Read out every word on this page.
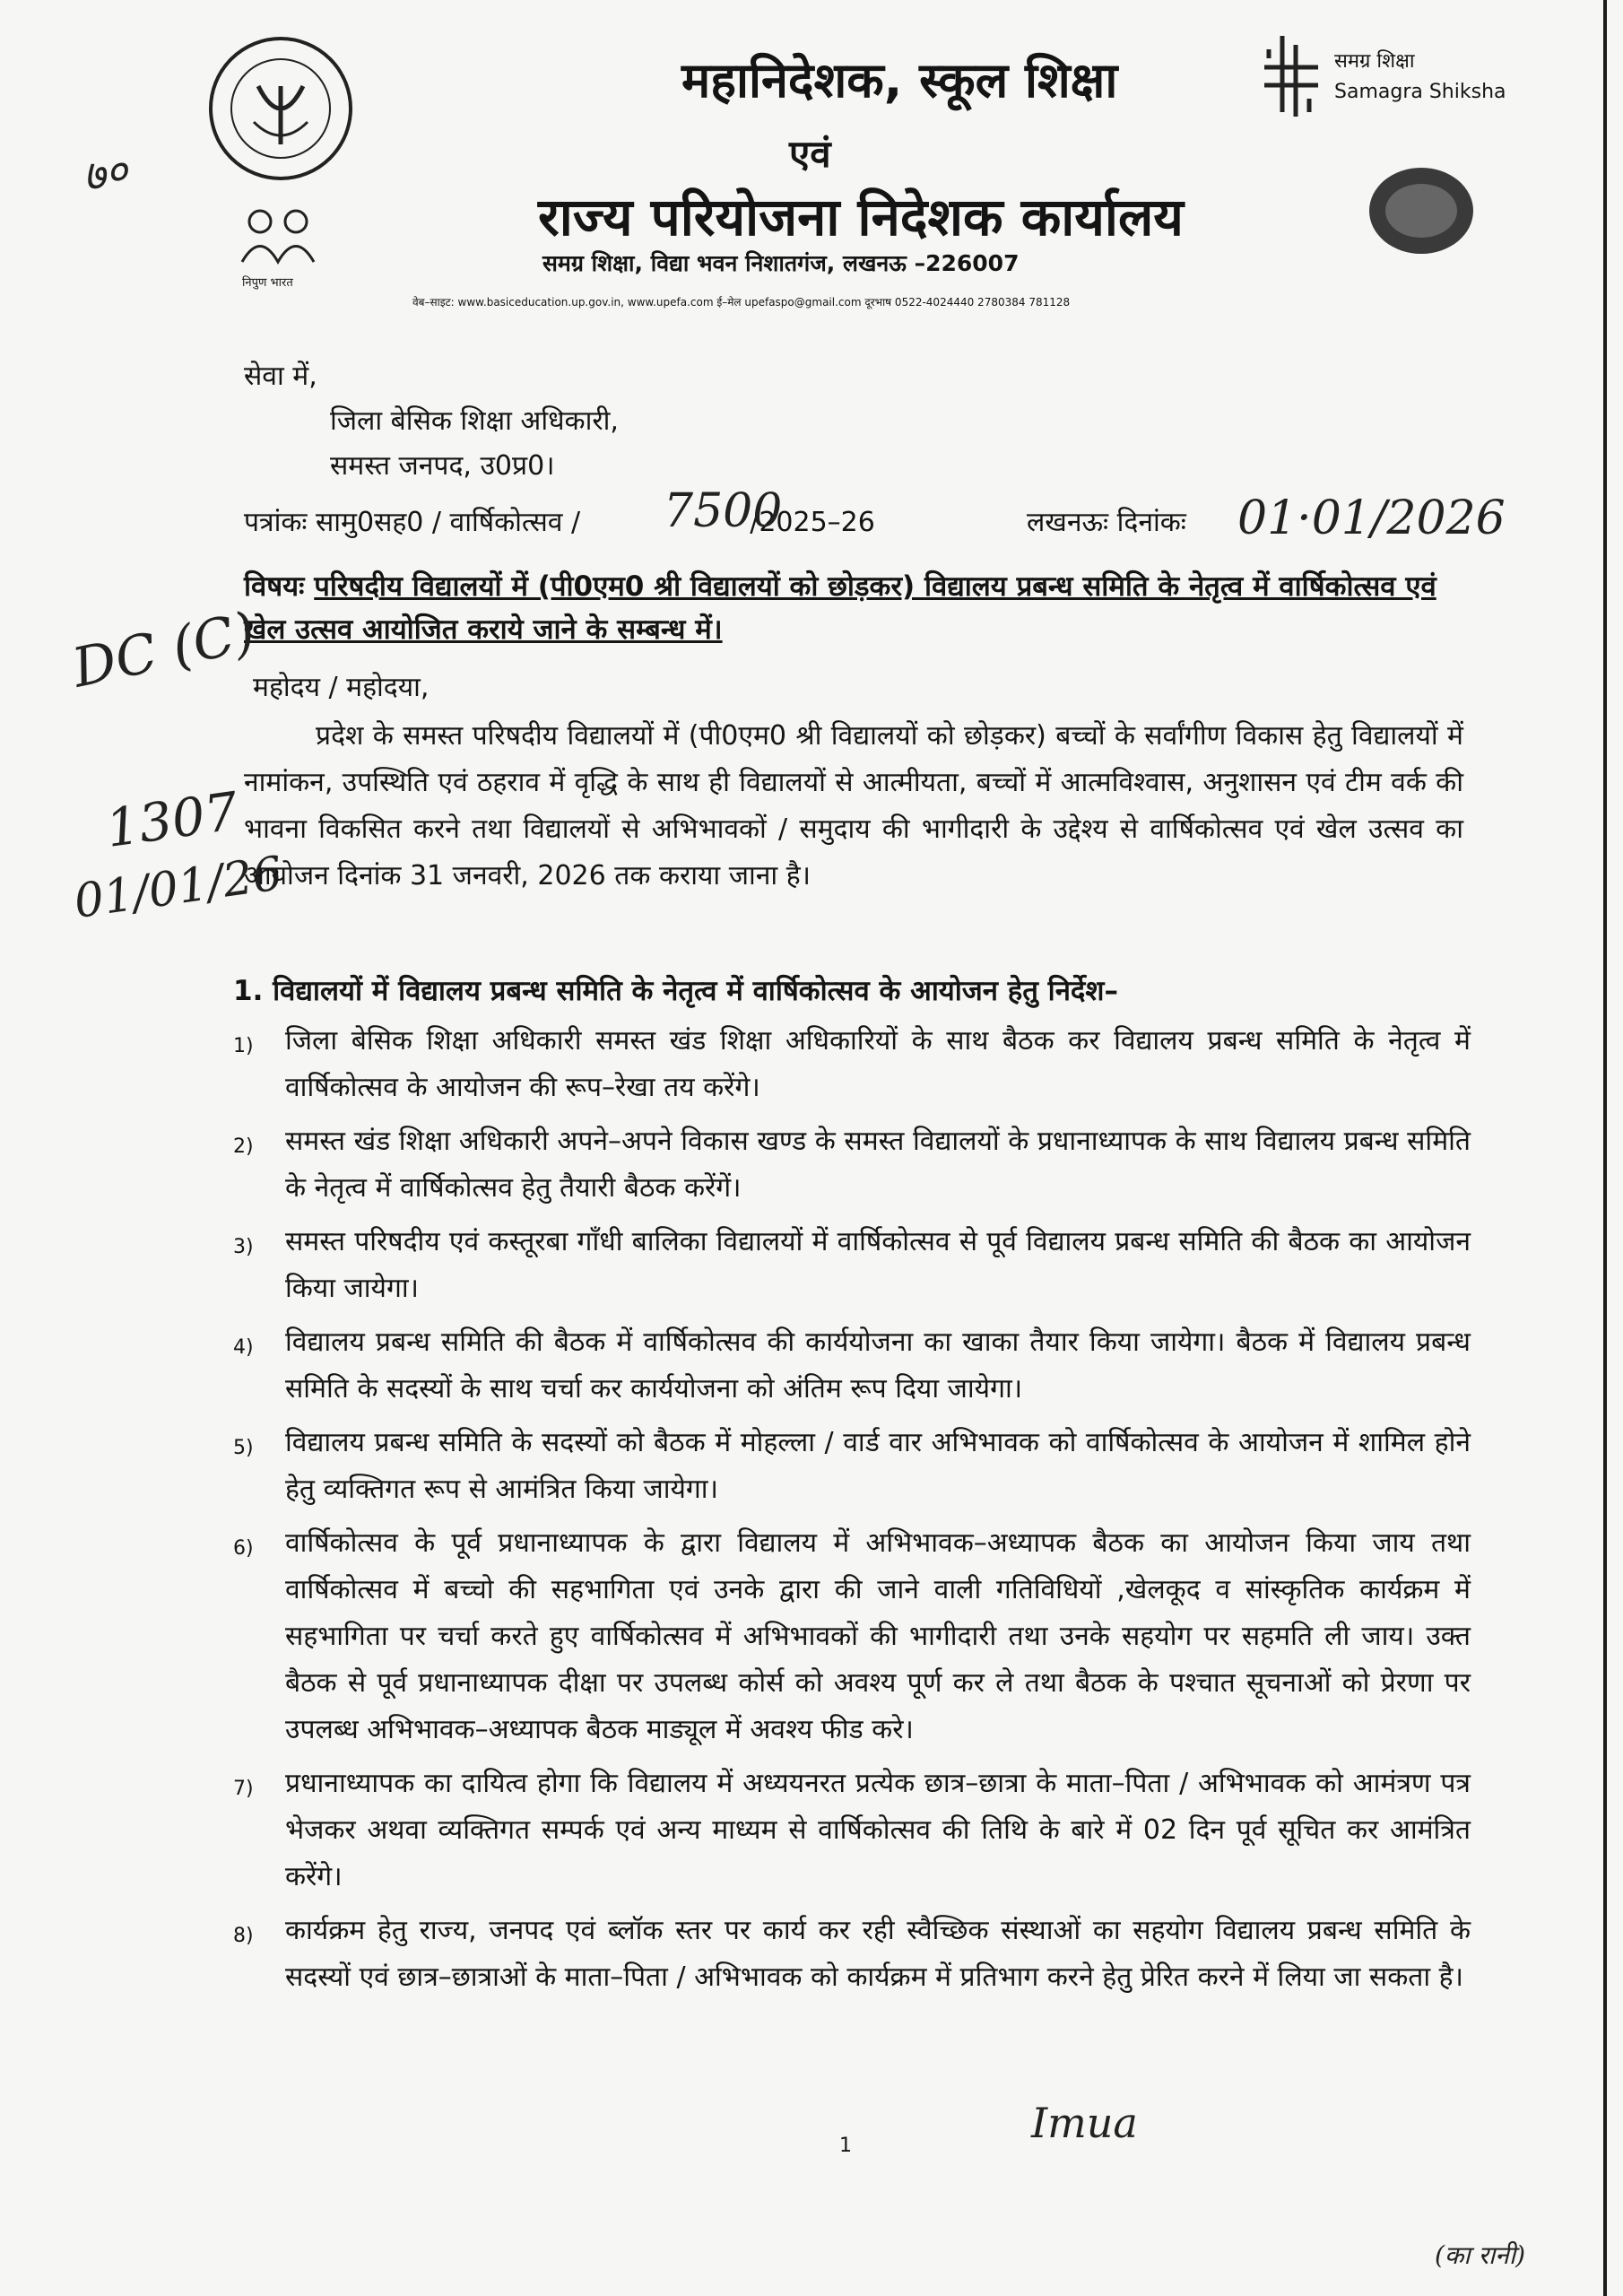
निपुण भारत
महानिदेशक, स्कूल शिक्षा
एवं
राज्य परियोजना निदेशक कार्यालय
समग्र शिक्षा, विद्या भवन निशातगंज, लखनऊ –226007
वेब–साइट: www.basiceducation.up.gov.in, www.upefa.com ई–मेल upefaspo@gmail.com दूरभाष 0522-4024440 2780384 781128
समग्र शिक्षा
Samagra Shiksha
७०
सेवा में,
जिला बेसिक शिक्षा अधिकारी,
समस्त जनपद, उ0प्र0।
पत्रांकः सामु0सह0 / वार्षिकोत्सव /	/2025–26	लखनऊः दिनांकः
7500	01·01/2026
विषयः परिषदीय विद्यालयों में (पी0एम0 श्री विद्यालयों को छोड़कर) विद्यालय प्रबन्ध समिति के नेतृत्व में वार्षिकोत्सव एवं खेल उत्सव आयोजित कराये जाने के सम्बन्ध में।
DC (C)
1307
01/01/26
महोदय / महोदया,
प्रदेश के समस्त परिषदीय विद्यालयों में (पी0एम0 श्री विद्यालयों को छोड़कर) बच्चों के सर्वांगीण विकास हेतु विद्यालयों में नामांकन, उपस्थिति एवं ठहराव में वृद्धि के साथ ही विद्यालयों से आत्मीयता, बच्चों में आत्मविश्वास, अनुशासन एवं टीम वर्क की भावना विकसित करने तथा विद्यालयों से अभिभावकों / समुदाय की भागीदारी के उद्देश्य से वार्षिकोत्सव एवं खेल उत्सव का आयोजन दिनांक 31 जनवरी, 2026 तक कराया जाना है।
1. विद्यालयों में विद्यालय प्रबन्ध समिति के नेतृत्व में वार्षिकोत्सव के आयोजन हेतु निर्देश–
1)	जिला बेसिक शिक्षा अधिकारी समस्त खंड शिक्षा अधिकारियों के साथ बैठक कर विद्यालय प्रबन्ध समिति के नेतृत्व में वार्षिकोत्सव के आयोजन की रूप–रेखा तय करेंगे।
2)	समस्त खंड शिक्षा अधिकारी अपने–अपने विकास खण्ड के समस्त विद्यालयों के प्रधानाध्यापक के साथ विद्यालय प्रबन्ध समिति के नेतृत्व में वार्षिकोत्सव हेतु तैयारी बैठक करेंगें।
3)	समस्त परिषदीय एवं कस्तूरबा गाँधी बालिका विद्यालयों में वार्षिकोत्सव से पूर्व विद्यालय प्रबन्ध समिति की बैठक का आयोजन किया जायेगा।
4)	विद्यालय प्रबन्ध समिति की बैठक में वार्षिकोत्सव की कार्ययोजना का खाका तैयार किया जायेगा। बैठक में विद्यालय प्रबन्ध समिति के सदस्यों के साथ चर्चा कर कार्ययोजना को अंतिम रूप दिया जायेगा।
5)	विद्यालय प्रबन्ध समिति के सदस्यों को बैठक में मोहल्ला / वार्ड वार अभिभावक को वार्षिकोत्सव के आयोजन में शामिल होने हेतु व्यक्तिगत रूप से आमंत्रित किया जायेगा।
6)	वार्षिकोत्सव के पूर्व प्रधानाध्यापक के द्वारा विद्यालय में अभिभावक–अध्यापक बैठक का आयोजन किया जाय तथा वार्षिकोत्सव में बच्चो की सहभागिता एवं उनके द्वारा की जाने वाली गतिविधियों ,खेलकूद व सांस्कृतिक कार्यक्रम में सहभागिता पर चर्चा करते हुए वार्षिकोत्सव में अभिभावकों की भागीदारी तथा उनके सहयोग पर सहमति ली जाय। उक्त बैठक से पूर्व प्रधानाध्यापक दीक्षा पर उपलब्ध कोर्स को अवश्य पूर्ण कर ले तथा बैठक के पश्चात सूचनाओं को प्रेरणा पर उपलब्ध अभिभावक–अध्यापक बैठक माड्यूल में अवश्य फीड करे।
7)	प्रधानाध्यापक का दायित्व होगा कि विद्यालय में अध्ययनरत प्रत्येक छात्र–छात्रा के माता–पिता / अभिभावक को आमंत्रण पत्र भेजकर अथवा व्यक्तिगत सम्पर्क एवं अन्य माध्यम से वार्षिकोत्सव की तिथि के बारे में 02 दिन पूर्व सूचित कर आमंत्रित करेंगे।
8)	कार्यक्रम हेतु राज्य, जनपद एवं ब्लॉक स्तर पर कार्य कर रही स्वैच्छिक संस्थाओं का सहयोग विद्यालय प्रबन्ध समिति के सदस्यों एवं छात्र–छात्राओं के माता–पिता / अभिभावक को कार्यक्रम में प्रतिभाग करने हेतु प्रेरित करने में लिया जा सकता है।
1	Imua
(का रानी)
